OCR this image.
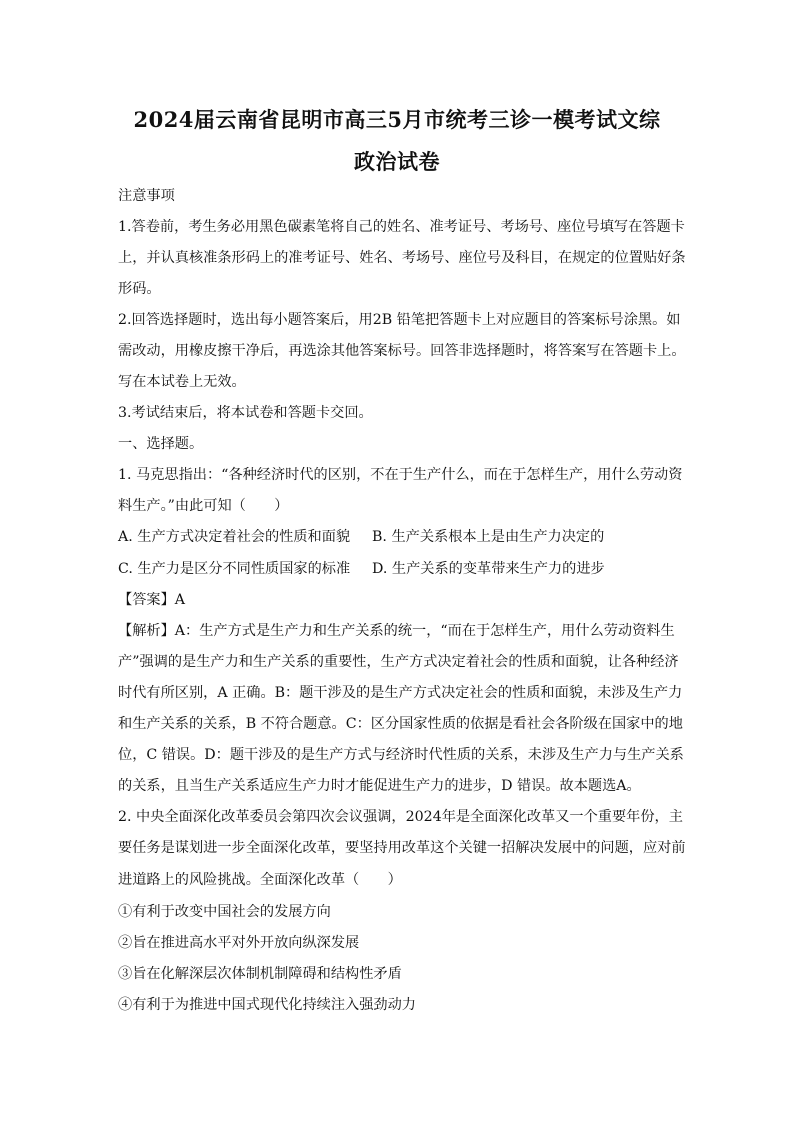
2024届云南省昆明市高三5月市统考三诊一模考试文综
政治试卷
注意事项
1.答卷前，考生务必用黑色碳素笔将自己的姓名、准考证号、考场号、座位号填写在答题卡
上，并认真核准条形码上的准考证号、姓名、考场号、座位号及科目，在规定的位置贴好条
形码。
2.回答选择题时，选出每小题答案后，用2B 铅笔把答题卡上对应题目的答案标号涂黑。如
需改动，用橡皮擦干净后，再选涂其他答案标号。回答非选择题时，将答案写在答题卡上。
写在本试卷上无效。
3.考试结束后，将本试卷和答题卡交回。
一、选择题。
1. 马克思指出：“各种经济时代的区别，不在于生产什么，而在于怎样生产，用什么劳动资
料生产。”由此可知（　　）
A. 生产方式决定着社会的性质和面貌	B. 生产关系根本上是由生产力决定的
C. 生产力是区分不同性质国家的标准	D. 生产关系的变革带来生产力的进步
【答案】A
【解析】A：生产方式是生产力和生产关系的统一，“而在于怎样生产，用什么劳动资料生
产”强调的是生产力和生产关系的重要性，生产方式决定着社会的性质和面貌，让各种经济
时代有所区别，A 正确。B：题干涉及的是生产方式决定社会的性质和面貌，未涉及生产力
和生产关系的关系，B 不符合题意。C：区分国家性质的依据是看社会各阶级在国家中的地
位，C 错误。D：题干涉及的是生产方式与经济时代性质的关系，未涉及生产力与生产关系
的关系，且当生产关系适应生产力时才能促进生产力的进步，D 错误。故本题选A。
2. 中央全面深化改革委员会第四次会议强调，2024年是全面深化改革又一个重要年份，主
要任务是谋划进一步全面深化改革，要坚持用改革这个关键一招解决发展中的问题，应对前
进道路上的风险挑战。全面深化改革（　　）
①有利于改变中国社会的发展方向
②旨在推进高水平对外开放向纵深发展
③旨在化解深层次体制机制障碍和结构性矛盾
④有利于为推进中国式现代化持续注入强劲动力
